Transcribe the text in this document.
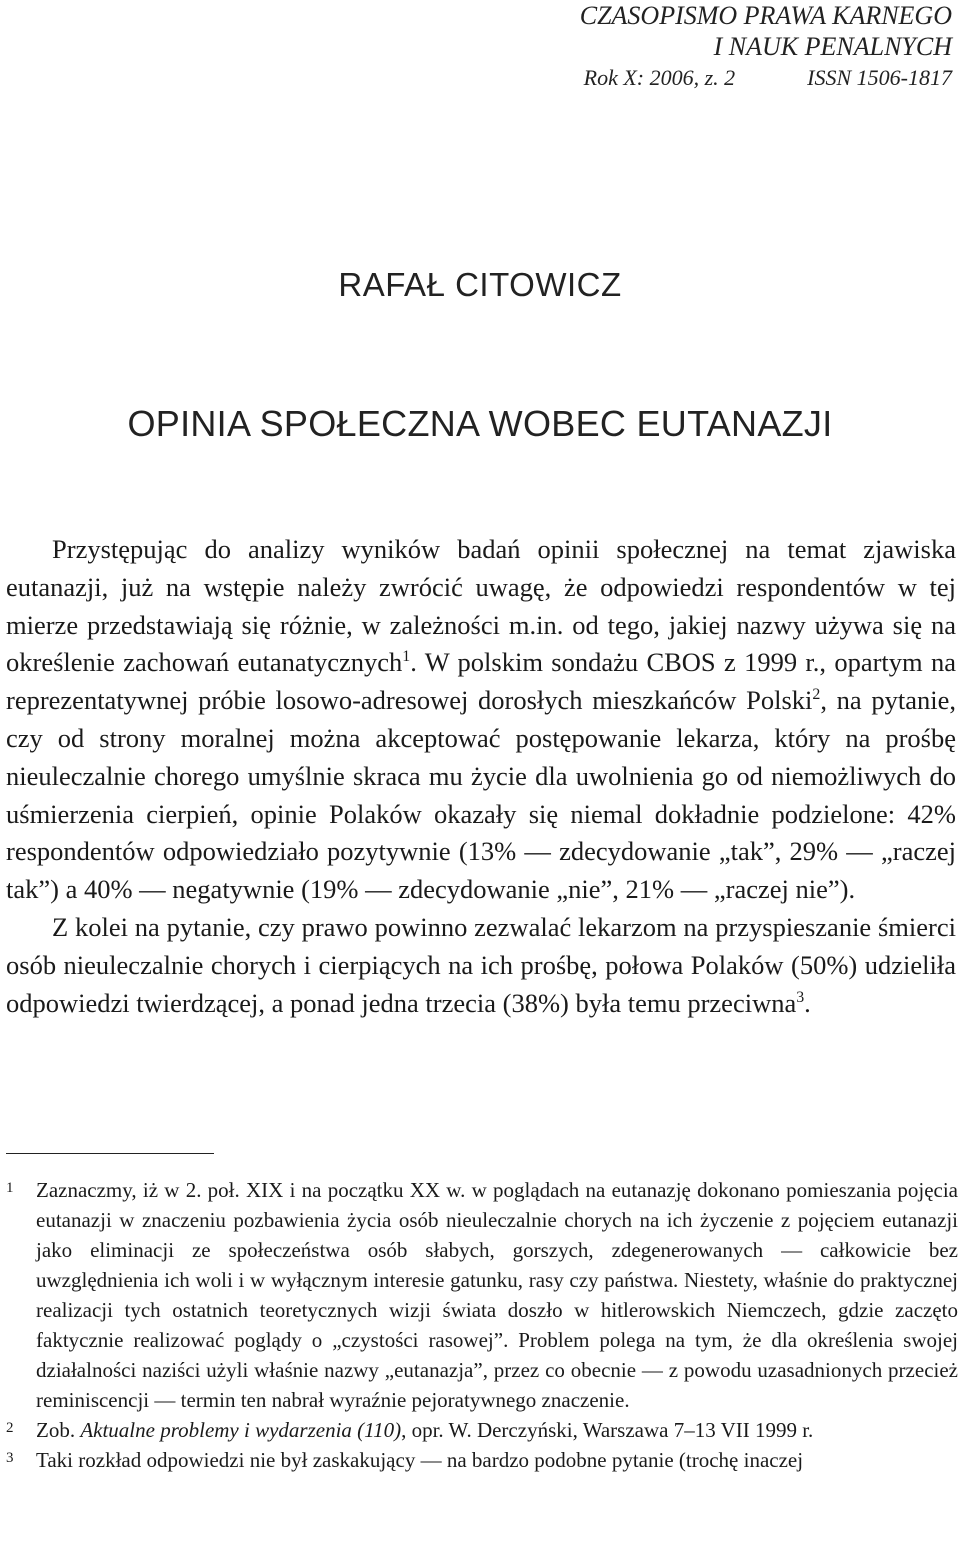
CZASOPISMO PRAWA KARNEGO
I NAUK PENALNYCH
Rok X: 2006, z. 2	ISSN 1506-1817
RAFAŁ CITOWICZ
OPINIA SPOŁECZNA WOBEC EUTANAZJI

Przystępując do analizy wyników badań opinii społecznej na temat zjawiska eutanazji, już na wstępie należy zwrócić uwagę, że odpowiedzi respondentów w tej mierze przedstawiają się różnie, w zależności m.in. od tego, jakiej nazwy używa się na określenie zachowań eutanatycznych$^1$. W polskim sondażu CBOS z 1999 r., opartym na reprezentatywnej próbie losowo-adresowej dorosłych mieszkańców Polski$^2$, na pytanie, czy od strony moralnej można akceptować postępowanie lekarza, który na prośbę nieuleczalnie chorego umyślnie skraca mu życie dla uwolnienia go od niemożliwych do uśmierzenia cierpień, opinie Polaków okazały się niemal dokładnie podzielone: 42% respondentów odpowiedziało pozytywnie (13% — zdecydowanie „tak”, 29% — „raczej tak”) a 40% — negatywnie (19% — zdecydowanie „nie”, 21% — „raczej nie”).

Z kolei na pytanie, czy prawo powinno zezwalać lekarzom na przyspieszanie śmierci osób nieuleczalnie chorych i cierpiących na ich prośbę, połowa Polaków (50%) udzieliła odpowiedzi twierdzącej, a ponad jedna trzecia (38%) była temu przeciwna$^3$.

1 Zaznaczmy, iż w 2. poł. XIX i na początku XX w. w poglądach na eutanazję dokonano pomieszania pojęcia eutanazji w znaczeniu pozbawienia życia osób nieuleczalnie chorych na ich życzenie z pojęciem eutanazji jako eliminacji ze społeczeństwa osób słabych, gorszych, zdegenerowanych — całkowicie bez uwzględnienia ich woli i w wyłącznym interesie gatunku, rasy czy państwa. Niestety, właśnie do praktycznej realizacji tych ostatnich teoretycznych wizji świata doszło w hitlerowskich Niemczech, gdzie zaczęto faktycznie realizować poglądy o „czystości rasowej”. Problem polega na tym, że dla określenia swojej działalności naziści użyli właśnie nazwy „eutanazja”, przez co obecnie — z powodu uzasadnionych przecież reminiscencji — termin ten nabrał wyraźnie pejoratywnego znaczenie.
2 Zob. Aktualne problemy i wydarzenia (110), opr. W. Derczyński, Warszawa 7–13 VII 1999 r.
3 Taki rozkład odpowiedzi nie był zaskakujący — na bardzo podobne pytanie (trochę inaczej
